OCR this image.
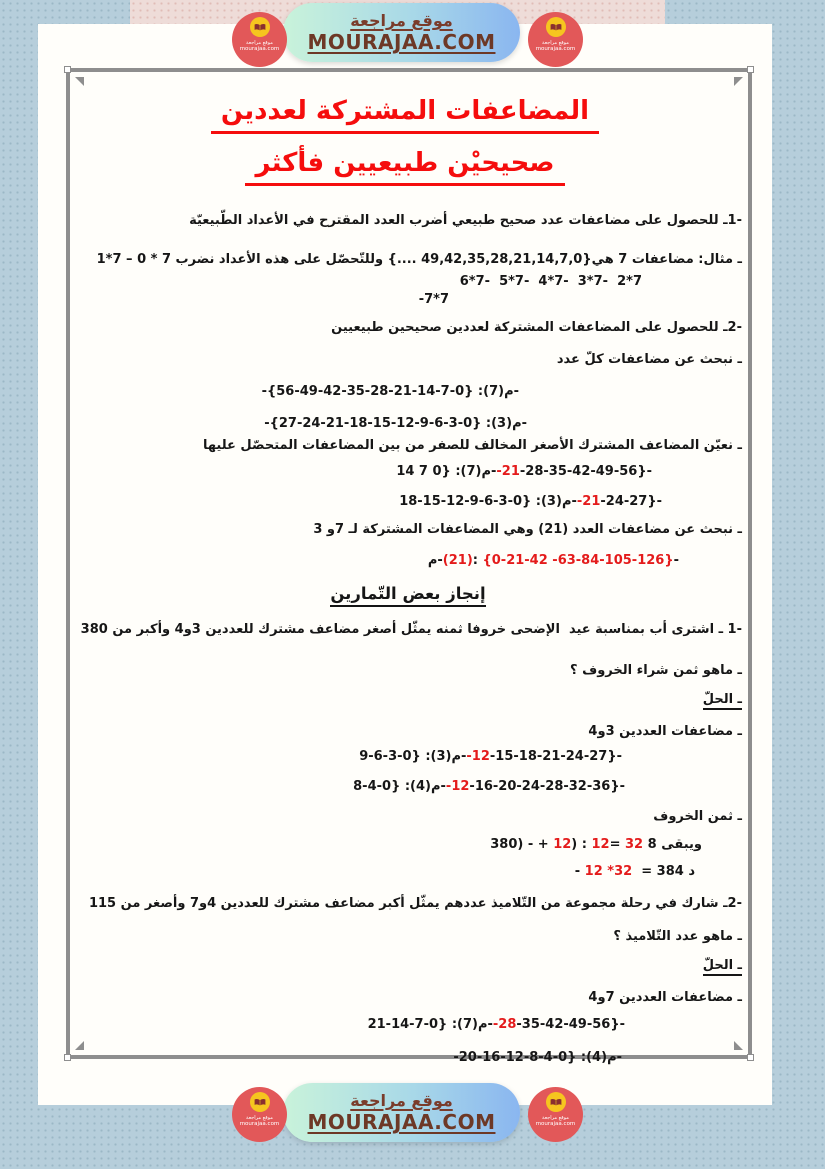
المضاعفات المشتركة لعددين
صحيحيْن طبيعيين فأكثر
-1ـ للحصول على مضاعفات عدد صحيح طبيعي أضرب العدد المقترح في الأعداد الطّبيعيّة
1*7 – 0 * 7 وللتّحصّل على هذه الأعداد نضرب {.... 49,42,35,28,21,14,7,0}ـ مثال: مضاعفات 7 هي
6*7-  5*7-  4*7-  3*7-  2*7
-7*7
-2ـ للحصول على المضاعفات المشتركة لعددين صحيحين طبيعيين
ـ نبحث عن مضاعفات كلّ عدد
-{56-49-42-35-28-21-14-7-0} :(7)م-
-{27-24-21-18-15-12-9-6-3-0} :(3)م-
ـ نعيّن المضاعف المشترك الأصغر المخالف للصفر من بين المضاعفات المتحصّل عليها
14 7 0} :(7)م--21-28-35-42-49-56}-
18-15-12-9-6-3-0} :(3)م--21-24-27}-
ـ نبحث عن مضاعفات العدد (21) وهي المضاعفات المشتركة لـ 7و 3
م-(21): {0-21-42 -63-84-105-126}-
إنجاز بعض التّمارين
-1 ـ اشترى أب بمناسبة عيد  الإضحى خروفا ثمنه يمثّل أصغر مضاعف مشترك للعددين 3و4 وأكبر من 380
ـ ماهو ثمن شراء الخروف ؟
ـ الحلّ
ـ مضاعفات العددين 3و4
9-6-3-0} :(3)م--12-15-18-21-24-27}-
8-4-0} :(4)م--12-16-20-24-28-32-36}-
ـ ثمن الخروف
380) - + 12) : 12= 32 8 ويبقى
- 12 *32  = 384 د
-2ـ شارك في رحلة مجموعة من التّلاميذ عددهم يمثّل أكبر مضاعف مشترك للعددين 4و7 وأصغر من 115
ـ ماهو عدد التّلاميذ ؟
ـ الحلّ
ـ مضاعفات العددين 7و4
21-14-7-0} :(7)م--28-35-42-49-56}-
-20-16-12-8-4-0} :(4)م-
موقع مراجعة
mourajaa.com
موقع مراجعة
MOURAJAA.COM	موقع مراجعة
mourajaa.com
موقع مراجعة
mourajaa.com
موقع مراجعة
MOURAJAA.COM	موقع مراجعة
mourajaa.com
